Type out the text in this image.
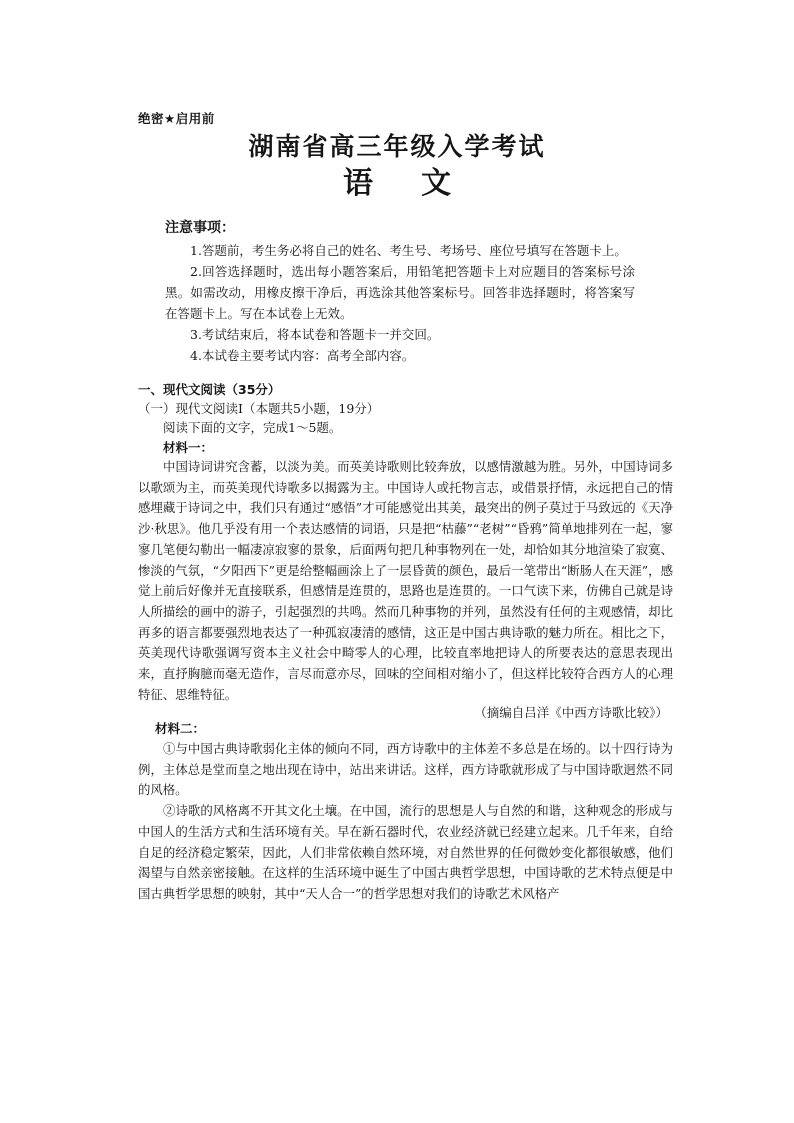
绝密★启用前
湖南省高三年级入学考试
语文
注意事项：

1.答题前，考生务必将自己的姓名、考生号、考场号、座位号填写在答题卡上。

2.回答选择题时，选出每小题答案后，用铅笔把答题卡上对应题目的答案标号涂黑。如需改动，用橡皮擦干净后，再选涂其他答案标号。回答非选择题时，将答案写在答题卡上。写在本试卷上无效。

3.考试结束后，将本试卷和答题卡一并交回。

4.本试卷主要考试内容：高考全部内容。

一、现代文阅读（35分）
（一）现代文阅读Ⅰ（本题共5小题，19分）
阅读下面的文字，完成1～5题。
材料一：

中国诗词讲究含蓄，以淡为美。而英美诗歌则比较奔放，以感情激越为胜。另外，中国诗词多以歌颂为主，而英美现代诗歌多以揭露为主。中国诗人或托物言志，或借景抒情，永远把自己的情感埋藏于诗词之中，我们只有通过“感悟”才可能感觉出其美，最突出的例子莫过于马致远的《天净沙·秋思》。他几乎没有用一个表达感情的词语，只是把“枯藤”“老树”“昏鸦”简单地排列在一起，寥寥几笔便勾勒出一幅凄凉寂寥的景象，后面两句把几种事物列在一处，却恰如其分地渲染了寂寞、惨淡的气氛，“夕阳西下”更是给整幅画涂上了一层昏黄的颜色，最后一笔带出“断肠人在天涯”，感觉上前后好像并无直接联系，但感情是连贯的，思路也是连贯的。一口气读下来，仿佛自己就是诗人所描绘的画中的游子，引起强烈的共鸣。然而几种事物的并列，虽然没有任何的主观感情，却比再多的语言都要强烈地表达了一种孤寂凄清的感情，这正是中国古典诗歌的魅力所在。相比之下，英美现代诗歌强调写资本主义社会中畸零人的心理，比较直率地把诗人的所要表达的意思表现出来，直抒胸臆而毫无造作，言尽而意亦尽，回味的空间相对缩小了，但这样比较符合西方人的心理特征、思维特征。

（摘编自吕洋《中西方诗歌比较》）
材料二：

①与中国古典诗歌弱化主体的倾向不同，西方诗歌中的主体差不多总是在场的。以十四行诗为例，主体总是堂而皇之地出现在诗中，站出来讲话。这样，西方诗歌就形成了与中国诗歌迥然不同的风格。

②诗歌的风格离不开其文化土壤。在中国，流行的思想是人与自然的和谐，这种观念的形成与中国人的生活方式和生活环境有关。早在新石器时代，农业经济就已经建立起来。几千年来，自给自足的经济稳定繁荣，因此，人们非常依赖自然环境，对自然世界的任何微妙变化都很敏感，他们渴望与自然亲密接触。在这样的生活环境中诞生了中国古典哲学思想，中国诗歌的艺术特点便是中国古典哲学思想的映射，其中“天人合一”的哲学思想对我们的诗歌艺术风格产
